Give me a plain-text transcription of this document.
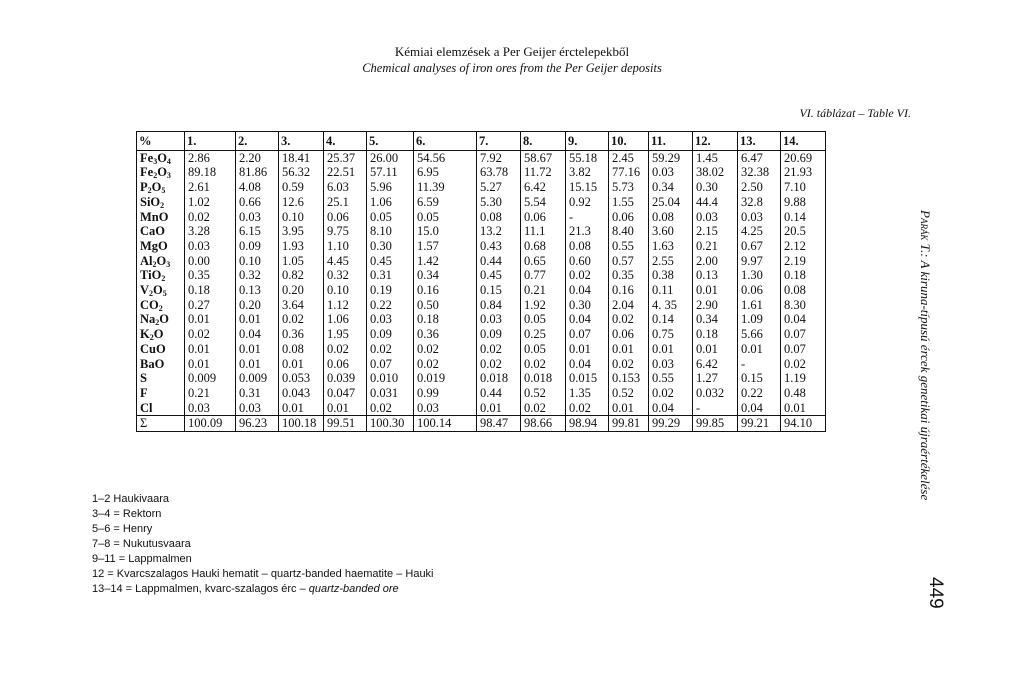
Kémiai elemzések a Per Geijer érctelepekből
Chemical analyses of iron ores from the Per Geijer deposits
VI. táblázat – Table VI.
%	1.	2.	3.	4.	5.	6.	7.	8.	9.	10.	11.	12.	13.	14.
$Fe_3O_4$	2.86	2.20	18.41	25.37	26.00	54.56	7.92	58.67	55.18	2.45	59.29	1.45	6.47	20.69
$Fe_2O_3$	89.18	81.86	56.32	22.51	57.11	6.95	63.78	11.72	3.82	77.16	0.03	38.02	32.38	21.93
$P_2O_5$	2.61	4.08	0.59	6.03	5.96	11.39	5.27	6.42	15.15	5.73	0.34	0.30	2.50	7.10
SiO$_2$	1.02	0.66	12.6	25.1	1.06	6.59	5.30	5.54	0.92	1.55	25.04	44.4	32.8	9.88
MnO	0.02	0.03	0.10	0.06	0.05	0.05	0.08	0.06	-	0.06	0.08	0.03	0.03	0.14
CaO	3.28	6.15	3.95	9.75	8.10	15.0	13.2	11.1	21.3	8.40	3.60	2.15	4.25	20.5
MgO	0.03	0.09	1.93	1.10	0.30	1.57	0.43	0.68	0.08	0.55	1.63	0.21	0.67	2.12
$Al_2O_3$	0.00	0.10	1.05	4.45	0.45	1.42	0.44	0.65	0.60	0.57	2.55	2.00	9.97	2.19
TiO$_2$	0.35	0.32	0.82	0.32	0.31	0.34	0.45	0.77	0.02	0.35	0.38	0.13	1.30	0.18
$V_2O_5$	0.18	0.13	0.20	0.10	0.19	0.16	0.15	0.21	0.04	0.16	0.11	0.01	0.06	0.08
$CO_2$	0.27	0.20	3.64	1.12	0.22	0.50	0.84	1.92	0.30	2.04	4. 35	2.90	1.61	8.30
$Na_2O$	0.01	0.01	0.02	1.06	0.03	0.18	0.03	0.05	0.04	0.02	0.14	0.34	1.09	0.04
$K_2O$	0.02	0.04	0.36	1.95	0.09	0.36	0.09	0.25	0.07	0.06	0.75	0.18	5.66	0.07
CuO	0.01	0.01	0.08	0.02	0.02	0.02	0.02	0.05	0.01	0.01	0.01	0.01	0.01	0.07
BaO	0.01	0.01	0.01	0.06	0.07	0.02	0.02	0.02	0.04	0.02	0.03	6.42	-	0.02
S	0.009	0.009	0.053	0.039	0.010	0.019	0.018	0.018	0.015	0.153	0.55	1.27	0.15	1.19
F	0.21	0.31	0.043	0.047	0.031	0.99	0.44	0.52	1.35	0.52	0.02	0.032	0.22	0.48
Cl	0.03	0.03	0.01	0.01	0.02	0.03	0.01	0.02	0.02	0.01	0.04	-	0.04	0.01
Σ	100.09	96.23	100.18	99.51	100.30	100.14	98.47	98.66	98.94	99.81	99.29	99.85	99.21	94.10
1–2 Haukivaara
3–4 = Rektorn
5–6 = Henry
7–8 = Nukutusvaara
9–11 = Lappmalmen
12 = Kvarcszalagos Hauki hematit – quartz-banded haematite – Hauki
13–14 = Lappmalmen, kvarc-szalagos érc – quartz-banded ore
Parák T.: A kiruna-típusú ércek genetikai újraértékelése
449
